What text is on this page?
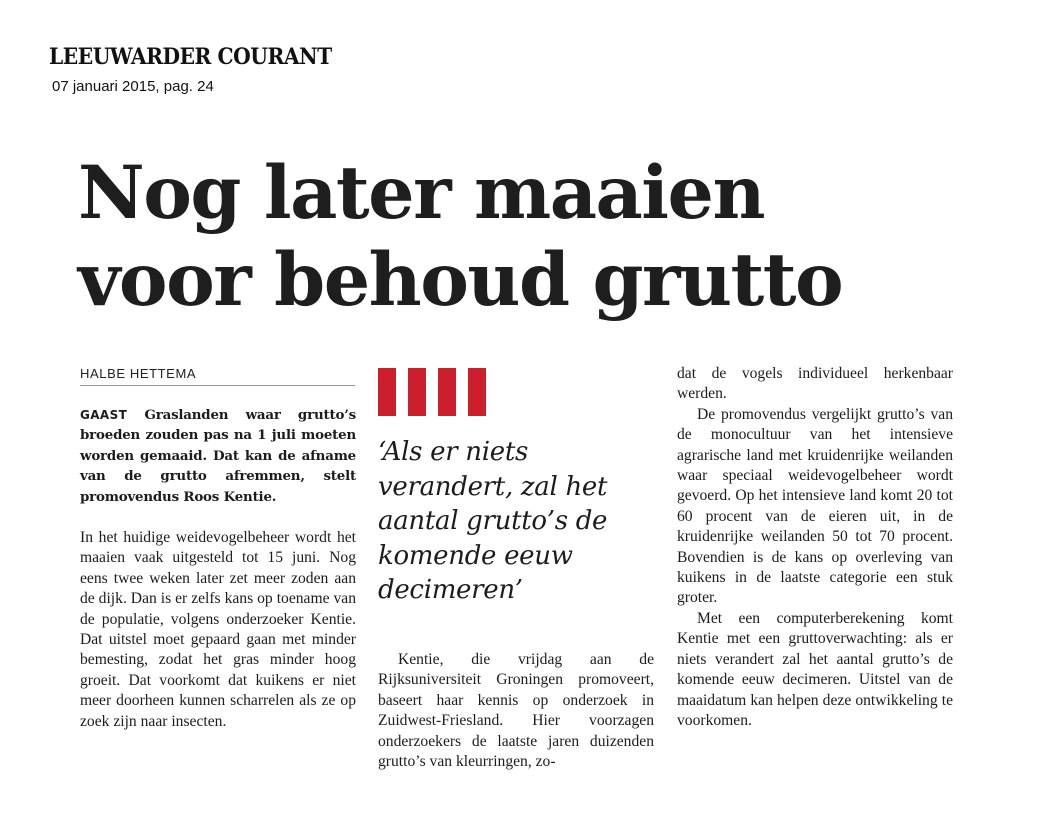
LEEUWARDER COURANT
07 januari 2015, pag. 24
Nog later maaien
voor behoud grutto
HALBE HETTEMA
GAAST Graslanden waar grutto’s broeden zouden pas na 1 juli moeten worden gemaaid. Dat kan de afname van de grutto afremmen, stelt promovendus Roos Kentie.

In het huidige weidevogelbeheer wordt het maaien vaak uitgesteld tot 15 juni. Nog eens twee weken later zet meer zoden aan de dijk. Dan is er zelfs kans op toename van de populatie, volgens onderzoeker Kentie. Dat uitstel moet gepaard gaan met minder bemesting, zodat het gras minder hoog groeit. Dat voorkomt dat kuikens er niet meer doorheen kunnen scharrelen als ze op zoek zijn naar insecten.

‘Als er niets verandert, zal het aantal grutto’s de komende eeuw decimeren’

Kentie, die vrijdag aan de Rijksuniversiteit Groningen promoveert, baseert haar kennis op onderzoek in Zuidwest-Friesland. Hier voorzagen onderzoekers de laatste jaren duizenden grutto’s van kleurringen, zo-

dat de vogels individueel herkenbaar werden.

De promovendus vergelijkt grutto’s van de monocultuur van het intensieve agrarische land met kruidenrijke weilanden waar speciaal weidevogelbeheer wordt gevoerd. Op het intensieve land komt 20 tot 60 procent van de eieren uit, in de kruidenrijke weilanden 50 tot 70 procent. Bovendien is de kans op overleving van kuikens in de laatste categorie een stuk groter.

Met een computerberekening komt Kentie met een gruttoverwachting: als er niets verandert zal het aantal grutto’s de komende eeuw decimeren. Uitstel van de maaidatum kan helpen deze ontwikkeling te voorkomen.
